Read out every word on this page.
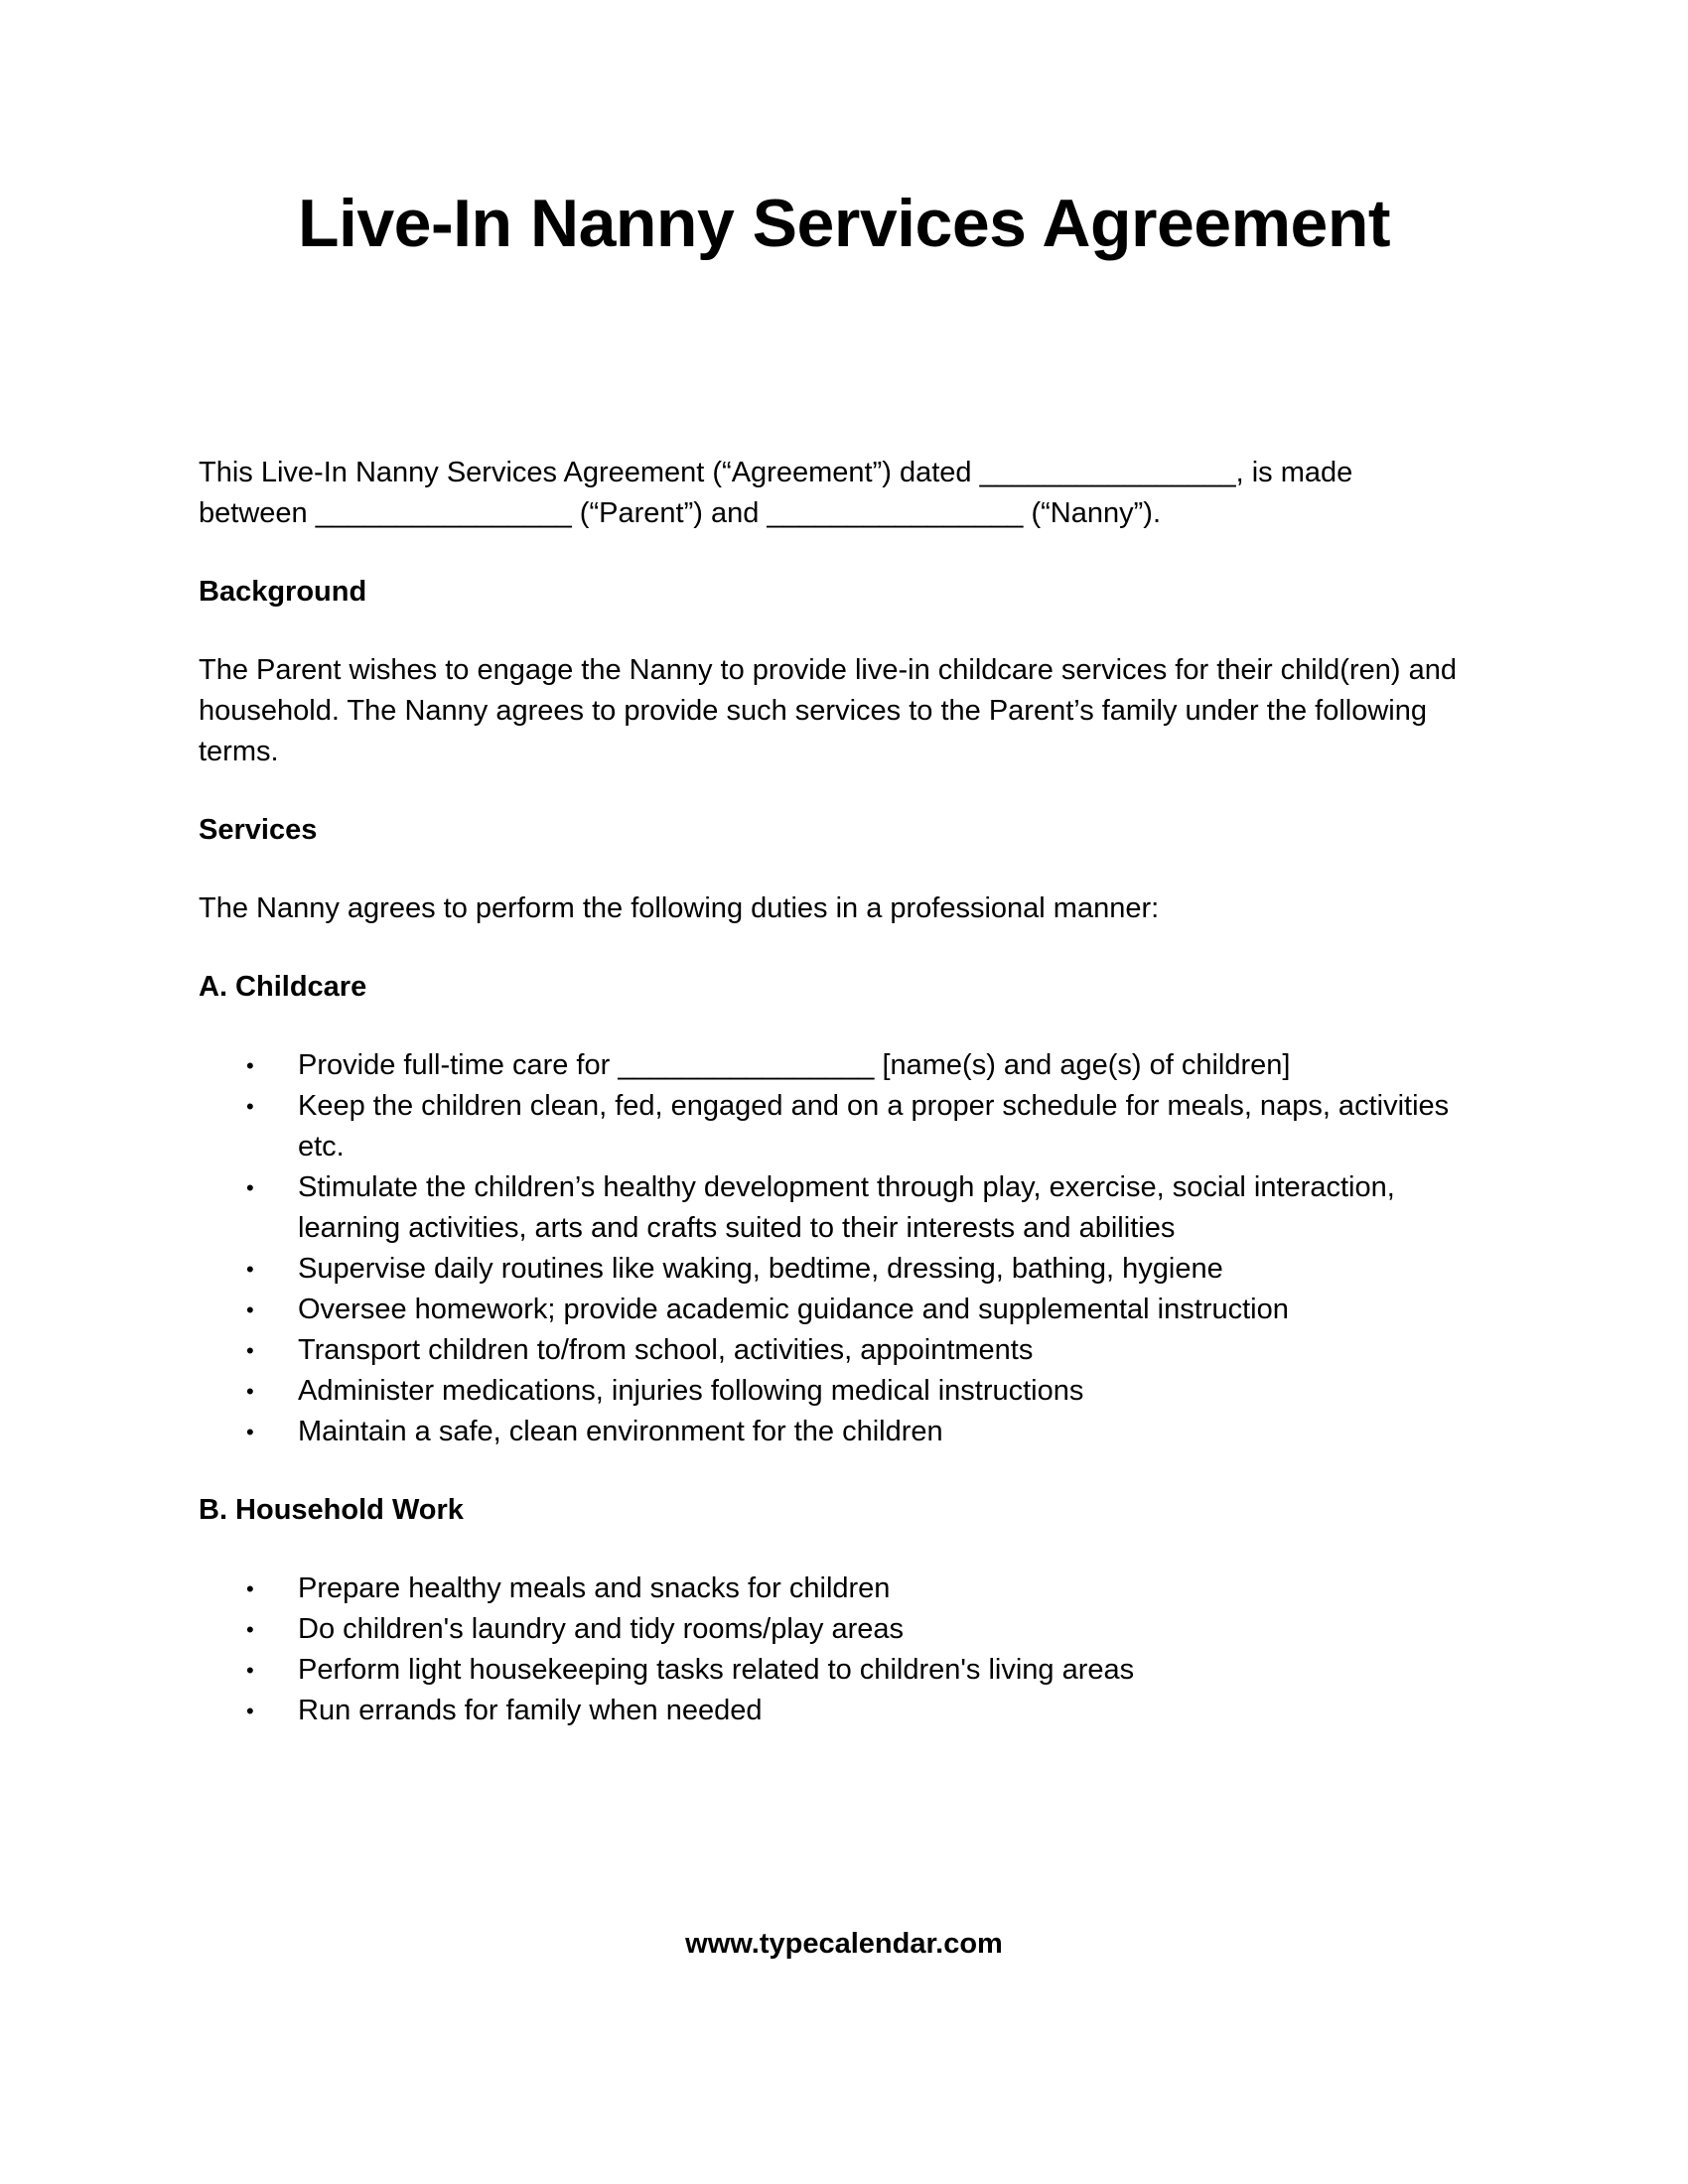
Live-In Nanny Services Agreement

This Live-In Nanny Services Agreement (“Agreement”) dated ________________, is made
between ________________ (“Parent”) and ________________ (“Nanny”).

Background

The Parent wishes to engage the Nanny to provide live-in childcare services for their child(ren) and household. The Nanny agrees to provide such services to the Parent’s family under the following terms.

Services

The Nanny agrees to perform the following duties in a professional manner:

A. Childcare

• Provide full-time care for ________________ [name(s) and age(s) of children]
• Keep the children clean, fed, engaged and on a proper schedule for meals, naps, activities etc.
• Stimulate the children’s healthy development through play, exercise, social interaction, learning activities, arts and crafts suited to their interests and abilities
• Supervise daily routines like waking, bedtime, dressing, bathing, hygiene
• Oversee homework; provide academic guidance and supplemental instruction
• Transport children to/from school, activities, appointments
• Administer medications, injuries following medical instructions
• Maintain a safe, clean environment for the children

B. Household Work

• Prepare healthy meals and snacks for children
• Do children's laundry and tidy rooms/play areas
• Perform light housekeeping tasks related to children's living areas
• Run errands for family when needed
www.typecalendar.com
